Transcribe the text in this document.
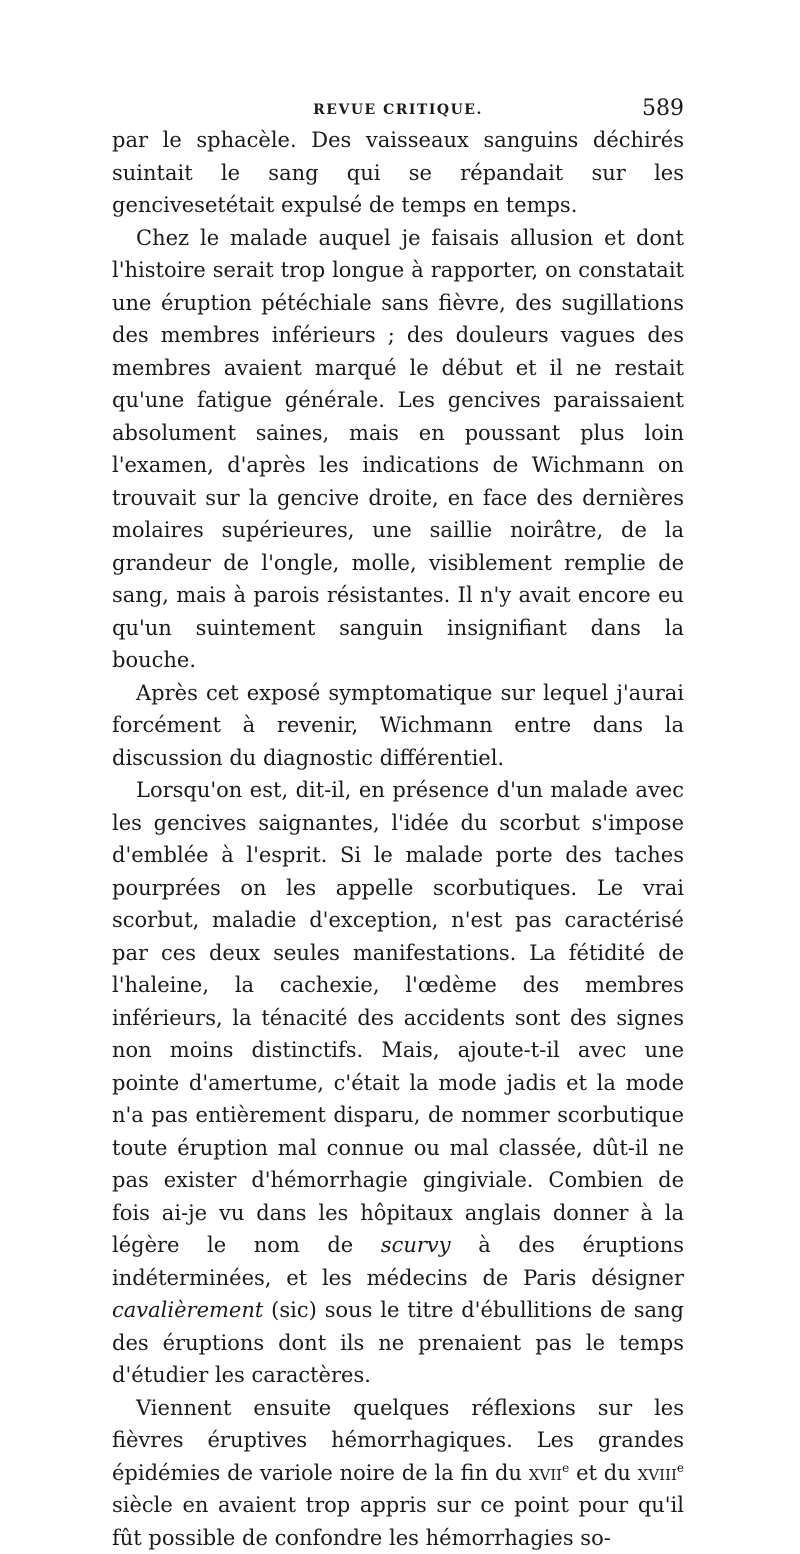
REVUE CRITIQUE.	589

par le sphacèle. Des vaisseaux sanguins déchirés suintait le sang qui se répandait sur les gencivesetétait expulsé de temps en temps.

Chez le malade auquel je faisais allusion et dont l'histoire serait trop longue à rapporter, on constatait une éruption pétéchiale sans fièvre, des sugillations des membres inférieurs ; des douleurs vagues des membres avaient marqué le début et il ne restait qu'une fatigue générale. Les gencives paraissaient absolument saines, mais en poussant plus loin l'examen, d'après les indications de Wichmann on trouvait sur la gencive droite, en face des dernières molaires supérieures, une saillie noirâtre, de la grandeur de l'ongle, molle, visiblement remplie de sang, mais à parois résistantes. Il n'y avait encore eu qu'un suintement sanguin insignifiant dans la bouche.

Après cet exposé symptomatique sur lequel j'aurai forcément à revenir, Wichmann entre dans la discussion du diagnostic différentiel.

Lorsqu'on est, dit-il, en présence d'un malade avec les gencives saignantes, l'idée du scorbut s'impose d'emblée à l'esprit. Si le malade porte des taches pourprées on les appelle scorbutiques. Le vrai scorbut, maladie d'exception, n'est pas caractérisé par ces deux seules manifestations. La fétidité de l'haleine, la cachexie, l'œdème des membres inférieurs, la ténacité des accidents sont des signes non moins distinctifs. Mais, ajoute-t-il avec une pointe d'amertume, c'était la mode jadis et la mode n'a pas entièrement disparu, de nommer scorbutique toute éruption mal connue ou mal classée, dût-il ne pas exister d'hémorrhagie gingiviale. Combien de fois ai-je vu dans les hôpitaux anglais donner à la légère le nom de scurvy à des éruptions indéterminées, et les médecins de Paris désigner cavalièrement (sic) sous le titre d'ébullitions de sang des éruptions dont ils ne prenaient pas le temps d'étudier les caractères.

Viennent ensuite quelques réflexions sur les fièvres éruptives hémorrhagiques. Les grandes épidémies de variole noire de la fin du xvii$^e$ et du xviii$^e$ siècle en avaient trop appris sur ce point pour qu'il fût possible de confondre les hémorrhagies so-
